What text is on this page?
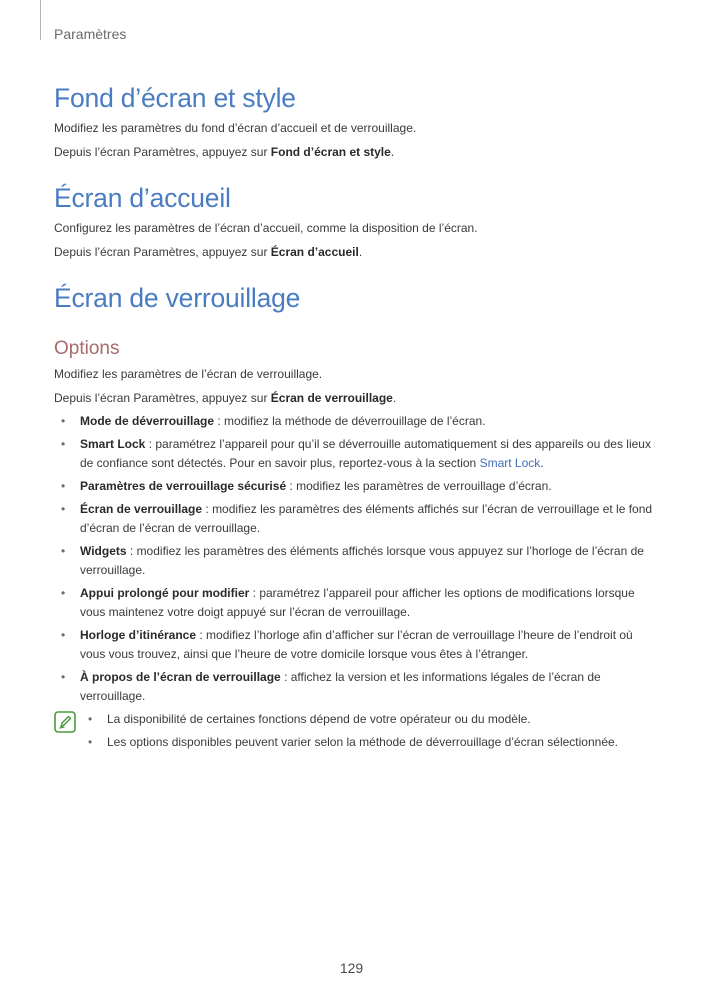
Paramètres
Fond d’écran et style

Modifiez les paramètres du fond d’écran d’accueil et de verrouillage.

Depuis l’écran Paramètres, appuyez sur Fond d’écran et style.

Écran d’accueil

Configurez les paramètres de l’écran d’accueil, comme la disposition de l’écran.

Depuis l’écran Paramètres, appuyez sur Écran d’accueil.

Écran de verrouillage
Options

Modifiez les paramètres de l’écran de verrouillage.

Depuis l’écran Paramètres, appuyez sur Écran de verrouillage.

• Mode de déverrouillage : modifiez la méthode de déverrouillage de l’écran.
• Smart Lock : paramétrez l’appareil pour qu’il se déverrouille automatiquement si des appareils ou des lieux de confiance sont détectés. Pour en savoir plus, reportez-vous à la section Smart Lock.
• Paramètres de verrouillage sécurisé : modifiez les paramètres de verrouillage d’écran.
• Écran de verrouillage : modifiez les paramètres des éléments affichés sur l’écran de verrouillage et le fond d’écran de l’écran de verrouillage.
• Widgets : modifiez les paramètres des éléments affichés lorsque vous appuyez sur l’horloge de l’écran de verrouillage.
• Appui prolongé pour modifier : paramétrez l’appareil pour afficher les options de modifications lorsque vous maintenez votre doigt appuyé sur l’écran de verrouillage.
• Horloge d’itinérance : modifiez l’horloge afin d’afficher sur l’écran de verrouillage l’heure de l’endroit où vous vous trouvez, ainsi que l’heure de votre domicile lorsque vous êtes à l’étranger.
• À propos de l’écran de verrouillage : affichez la version et les informations légales de l’écran de verrouillage.
• La disponibilité de certaines fonctions dépend de votre opérateur ou du modèle.
• Les options disponibles peuvent varier selon la méthode de déverrouillage d’écran sélectionnée.
129
